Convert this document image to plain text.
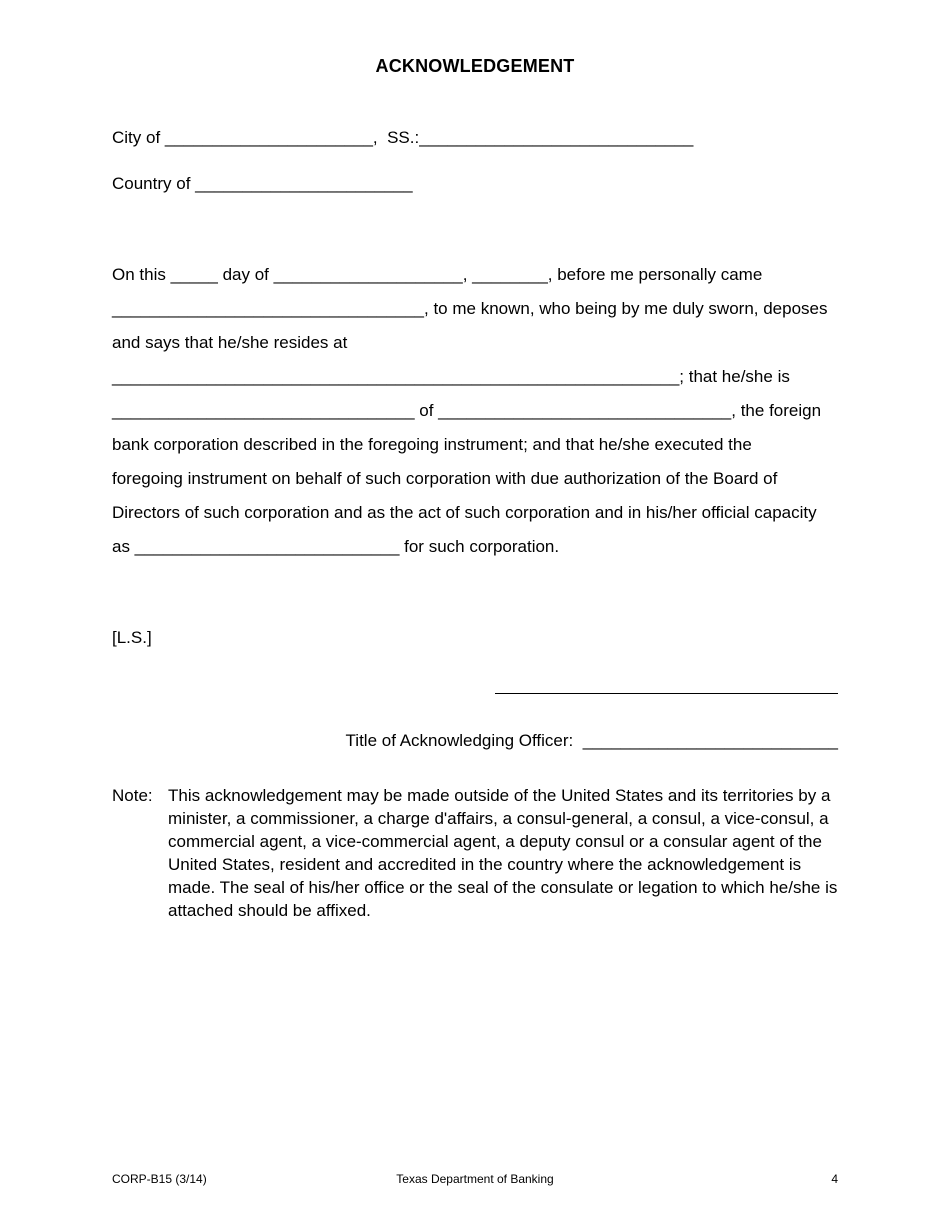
ACKNOWLEDGEMENT
City of ______________________,  SS.:_____________________________
Country of _______________________
On this _____ day of ____________________, ________, before me personally came
_________________________________, to me known, who being by me duly sworn, deposes
and says that he/she resides at
____________________________________________________________; that he/she is
________________________________ of _______________________________, the foreign
bank corporation described in the foregoing instrument; and that he/she executed the
foregoing instrument on behalf of such corporation with due authorization of the Board of
Directors of such corporation and as the act of such corporation and in his/her official capacity
as ____________________________ for such corporation.
[L.S.]
Title of Acknowledging Officer:  ___________________________
Note: This acknowledgement may be made outside of the United States and its territories by a minister, a commissioner, a charge d'affairs, a consul-general, a consul, a vice-consul, a commercial agent, a vice-commercial agent, a deputy consul or a consular agent of the United States, resident and accredited in the country where the acknowledgement is made. The seal of his/her office or the seal of the consulate or legation to which he/she is attached should be affixed.
CORP-B15 (3/14)	Texas Department of Banking	4
